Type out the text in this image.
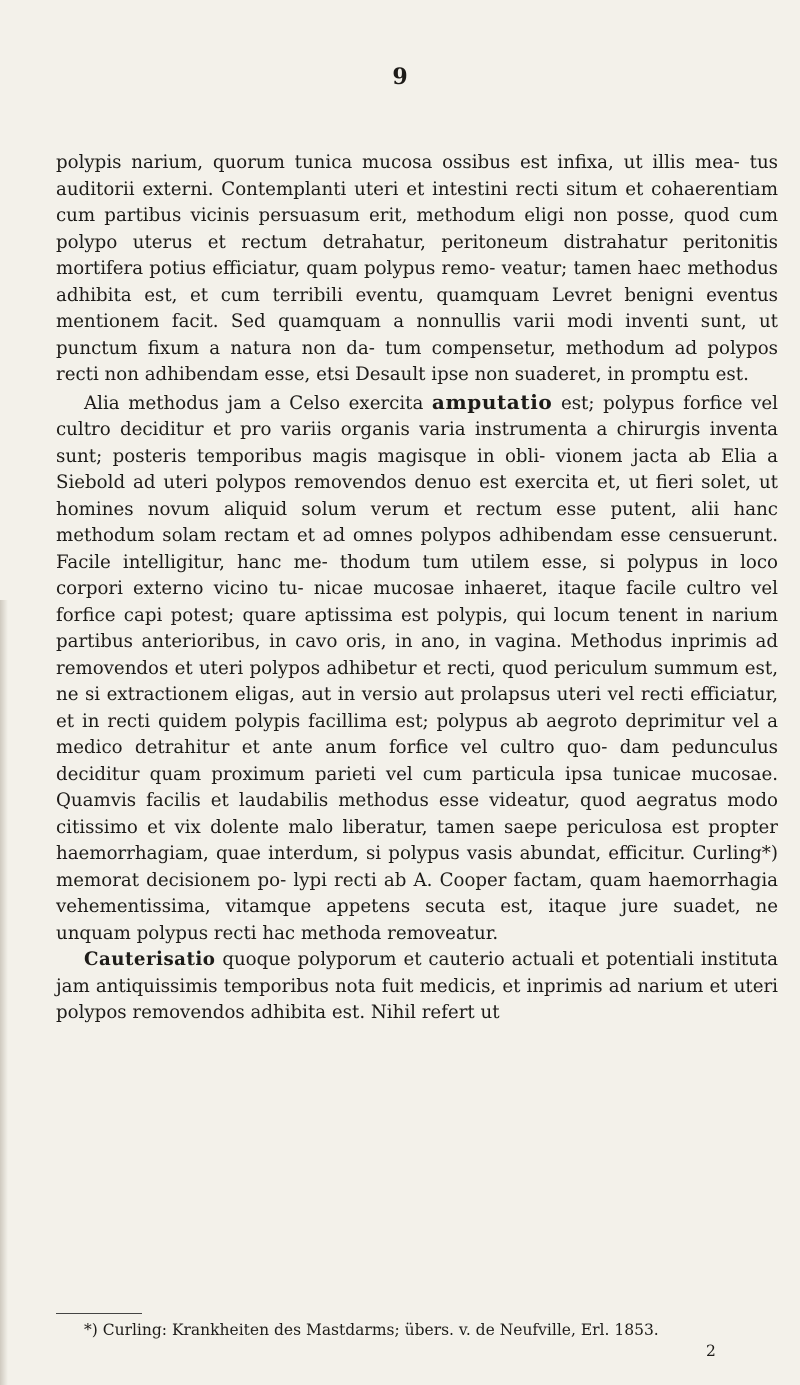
9

polypis narium, quorum tunica mucosa ossibus est infixa, ut illis mea- tus auditorii externi. Contemplanti uteri et intestini recti situm et cohaerentiam cum partibus vicinis persuasum erit, methodum eligi non posse, quod cum polypo uterus et rectum detrahatur, peritoneum distrahatur peritonitis mortifera potius efficiatur, quam polypus remo- veatur; tamen haec methodus adhibita est, et cum terribili eventu, quamquam Levret benigni eventus mentionem facit. Sed quamquam a nonnullis varii modi inventi sunt, ut punctum fixum a natura non da- tum compensetur, methodum ad polypos recti non adhibendam esse, etsi Desault ipse non suaderet, in promptu est.

Alia methodus jam a Celso exercita amputatio est; polypus forfice vel cultro deciditur et pro variis organis varia instrumenta a chirurgis inventa sunt; posteris temporibus magis magisque in obli- vionem jacta ab Elia a Siebold ad uteri polypos removendos denuo est exercita et, ut fieri solet, ut homines novum aliquid solum verum et rectum esse putent, alii hanc methodum solam rectam et ad omnes polypos adhibendam esse censuerunt. Facile intelligitur, hanc me- thodum tum utilem esse, si polypus in loco corpori externo vicino tu- nicae mucosae inhaeret, itaque facile cultro vel forfice capi potest; quare aptissima est polypis, qui locum tenent in narium partibus anterioribus, in cavo oris, in ano, in vagina. Methodus inprimis ad removendos et uteri polypos adhibetur et recti, quod periculum summum est, ne si extractionem eligas, aut in versio aut prolapsus uteri vel recti efficiatur, et in recti quidem polypis facillima est; polypus ab aegroto deprimitur vel a medico detrahitur et ante anum forfice vel cultro quo- dam pedunculus deciditur quam proximum parieti vel cum particula ipsa tunicae mucosae. Quamvis facilis et laudabilis methodus esse videatur, quod aegratus modo citissimo et vix dolente malo liberatur, tamen saepe periculosa est propter haemorrhagiam, quae interdum, si polypus vasis abundat, efficitur. Curling*) memorat decisionem po- lypi recti ab A. Cooper factam, quam haemorrhagia vehementissima, vitamque appetens secuta est, itaque jure suadet, ne unquam polypus recti hac methoda removeatur.

Cauterisatio quoque polyporum et cauterio actuali et potentiali instituta jam antiquissimis temporibus nota fuit medicis, et inprimis ad narium et uteri polypos removendos adhibita est. Nihil refert ut

*) Curling: Krankheiten des Mastdarms; übers. v. de Neufville, Erl. 1853.
2
